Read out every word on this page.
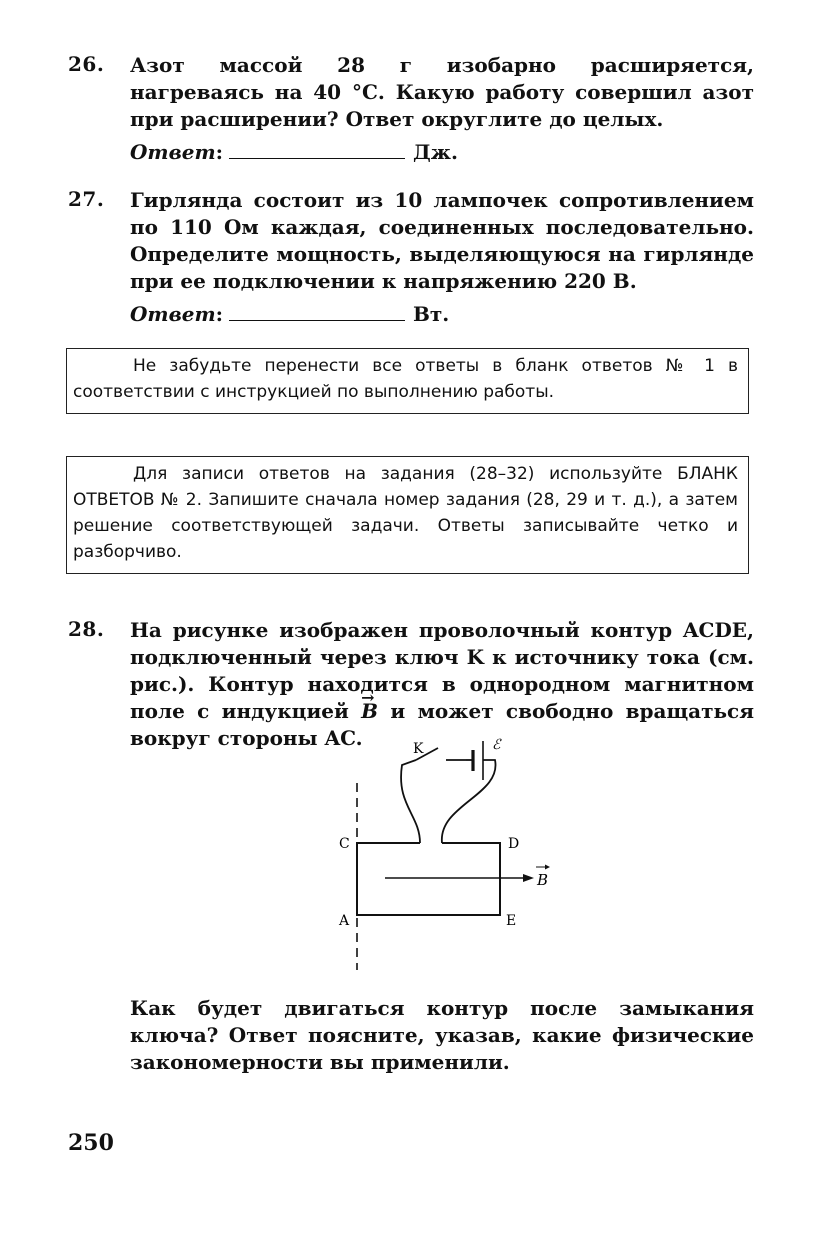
26. Азот массой 28 г изобарно расширяется, нагреваясь на 40 °С. Какую работу совершил азот при расширении? Ответ округлите до целых.
Ответ:	Дж.
27. Гирлянда состоит из 10 лампочек сопротивлением по 110 Ом каждая, соединенных последовательно. Определите мощность, выделяющуюся на гирлянде при ее подключении к напряжению 220 В.
Ответ:	Вт.

Не забудьте перенести все ответы в бланк ответов № 1 в соответствии с инструкцией по выполнению работы.

Для записи ответов на задания (28–32) используйте БЛАНК ОТВЕТОВ № 2. Запишите сначала номер задания (28, 29 и т. д.), а затем решение соответствующей задачи. Ответы записывайте четко и разборчиво.

28. На рисунке изображен проволочный контур ACDE, подключенный через ключ K к источнику тока (см. рис.). Контур находится в однородном магнитном поле с индукцией → B и может свободно вращаться вокруг стороны AC.	K	ℰ
C	D
A	E
B
Как будет двигаться контур после замыкания ключа? Ответ поясните, указав, какие физические закономерности вы применили.
250
